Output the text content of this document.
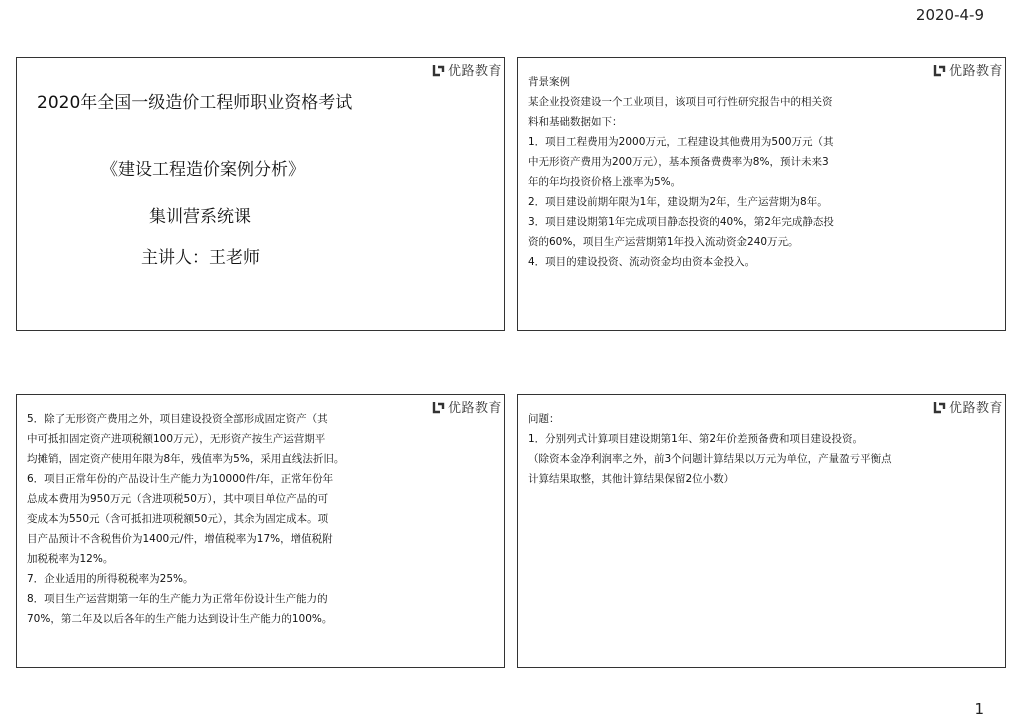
2020-4-9
优路教育
2020年全国一级造价工程师职业资格考试
《建设工程造价案例分析》
集训营系统课
主讲人：王老师
优路教育
背景案例
某企业投资建设一个工业项目，该项目可行性研究报告中的相关资
料和基础数据如下：
1．项目工程费用为2000万元，工程建设其他费用为500万元（其
中无形资产费用为200万元），基本预备费费率为8%，预计未来3
年的年均投资价格上涨率为5%。
2．项目建设前期年限为1年，建设期为2年，生产运营期为8年。
3．项目建设期第1年完成项目静态投资的40%，第2年完成静态投
资的60%，项目生产运营期第1年投入流动资金240万元。
4．项目的建设投资、流动资金均由资本金投入。
优路教育
5．除了无形资产费用之外，项目建设投资全部形成固定资产（其
中可抵扣固定资产进项税额100万元），无形资产按生产运营期平
均摊销，固定资产使用年限为8年，残值率为5%，采用直线法折旧。
6．项目正常年份的产品设计生产能力为10000件/年，正常年份年
总成本费用为950万元（含进项税50万），其中项目单位产品的可
变成本为550元（含可抵扣进项税额50元），其余为固定成本。项
目产品预计不含税售价为1400元/件，增值税率为17%，增值税附
加税税率为12%。
7．企业适用的所得税税率为25%。
8．项目生产运营期第一年的生产能力为正常年份设计生产能力的
70%，第二年及以后各年的生产能力达到设计生产能力的100%。
优路教育
问题：
1．分别列式计算项目建设期第1年、第2年价差预备费和项目建设投资。
（除资本金净利润率之外，前3个问题计算结果以万元为单位，产量盈亏平衡点
计算结果取整，其他计算结果保留2位小数）
1
